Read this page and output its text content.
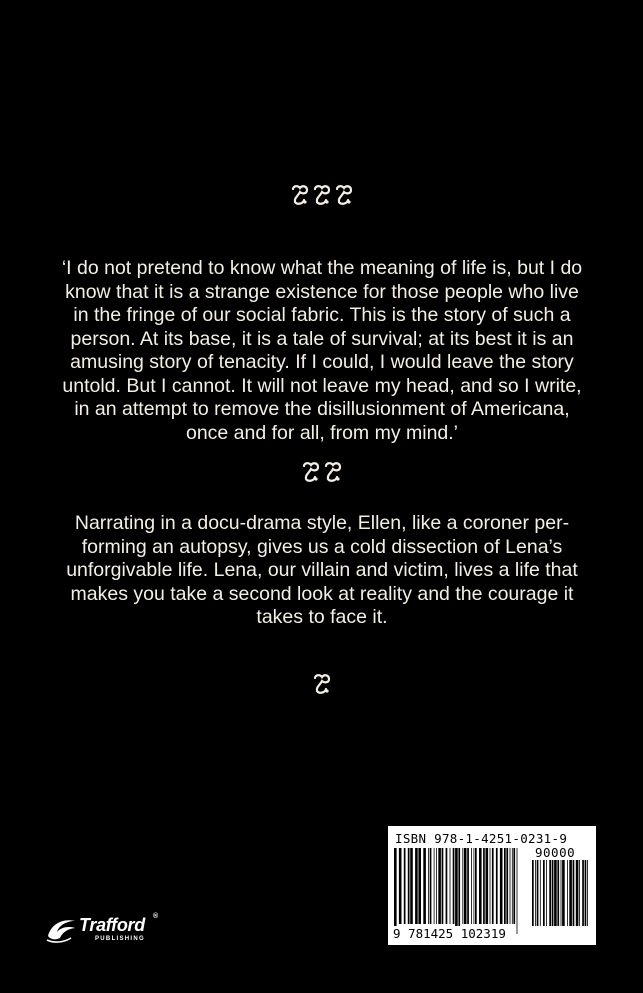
‘I do not pretend to know what the meaning of life is, but I do
know that it is a strange existence for those people who live
in the fringe of our social fabric. This is the story of such a
person. At its base, it is a tale of survival; at its best it is an
amusing story of tenacity. If I could, I would leave the story
untold. But I cannot. It will not leave my head, and so I write,
in an attempt to remove the disillusionment of Americana,
once and for all, from my mind.’
Narrating in a docu-drama style, Ellen, like a coroner per-
forming an autopsy, gives us a cold dissection of Lena’s
unforgivable life. Lena, our villain and victim, lives a life that
makes you take a second look at reality and the courage it
takes to face it.
ISBN 978-1-4251-0231-9
90000
9 781425 102319
Trafford ®
PUBLISHING
